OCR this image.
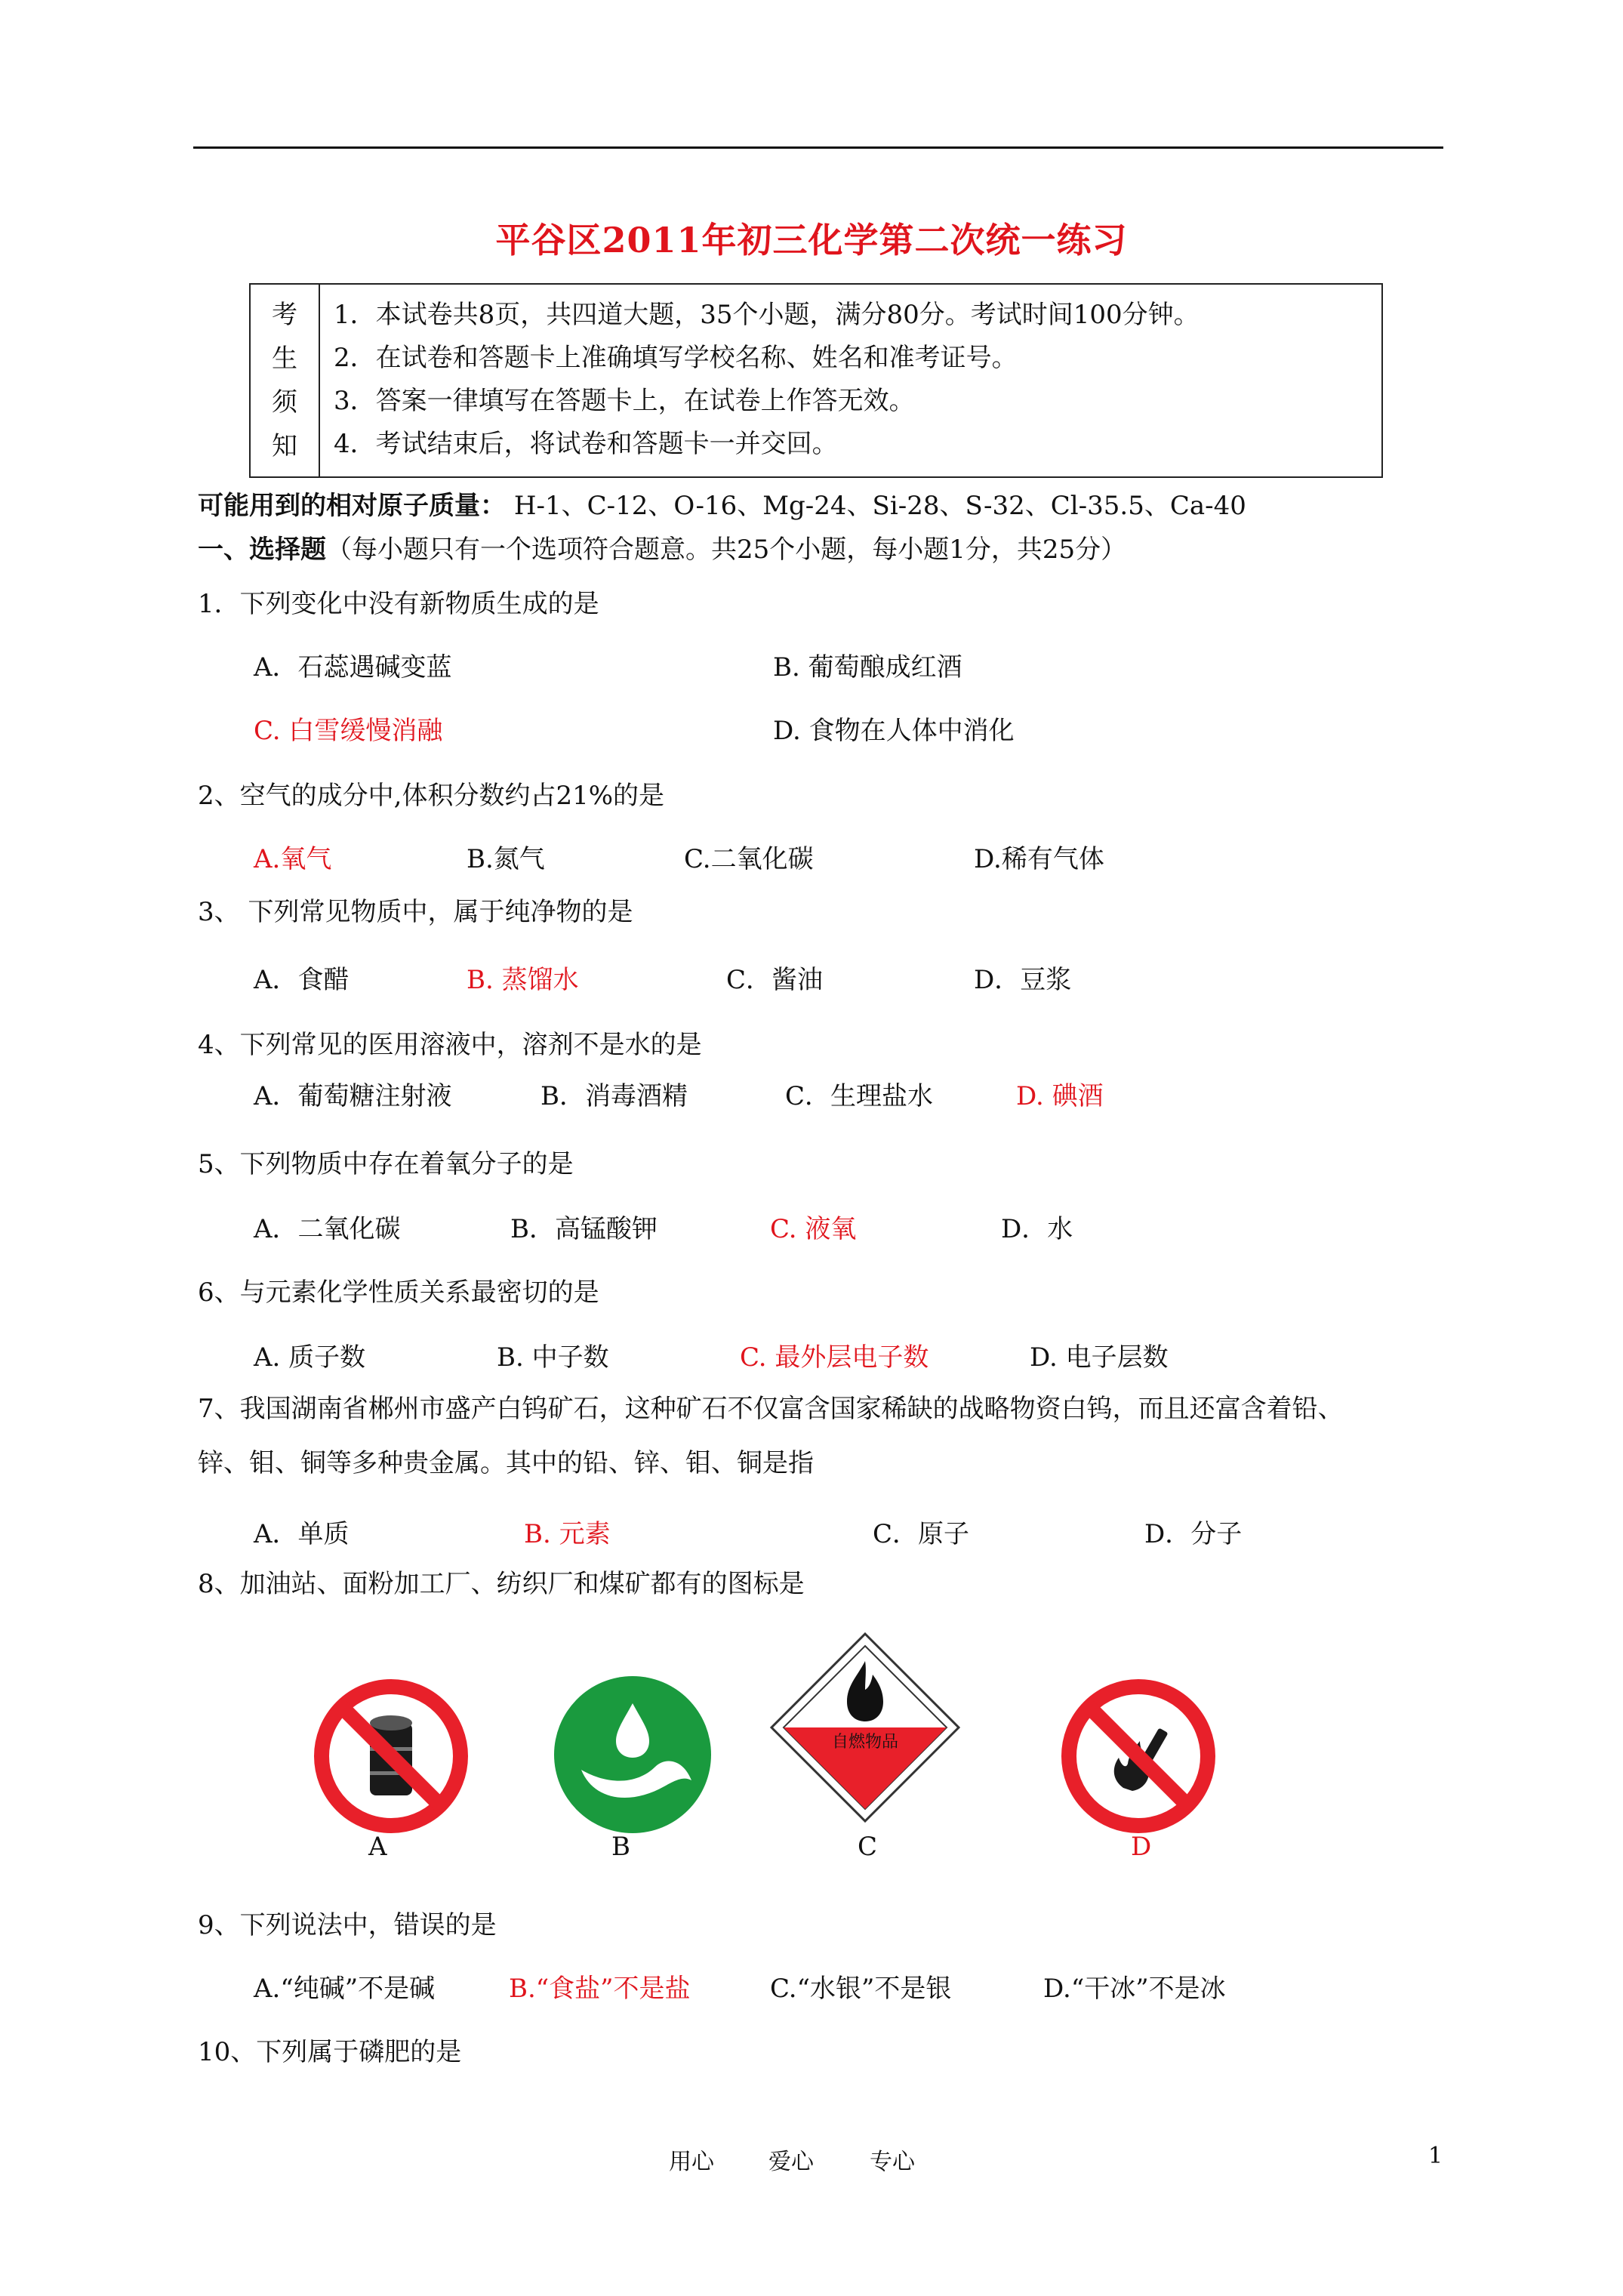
平谷区2011年初三化学第二次统一练习
考
生
须
知
1．本试卷共8页，共四道大题，35个小题，满分80分。考试时间100分钟。
2．在试卷和答题卡上准确填写学校名称、姓名和准考证号。
3．答案一律填写在答题卡上，在试卷上作答无效。
4．考试结束后，将试卷和答题卡一并交回。
可能用到的相对原子质量： H-1、C-12、O-16、Mg-24、Si-28、S-32、Cl-35.5、Ca-40
一、选择题（每小题只有一个选项符合题意。共25个小题，每小题1分，共25分）
1．下列变化中没有新物质生成的是
A．石蕊遇碱变蓝	B. 葡萄酿成红酒
C. 白雪缓慢消融	D. 食物在人体中消化
2、空气的成分中,体积分数约占21%的是
A.氧气	B.氮气	C.二氧化碳	D.稀有气体
3、 下列常见物质中，属于纯净物的是
A．食醋	B. 蒸馏水	C．酱油	D．豆浆
4、下列常见的医用溶液中，溶剂不是水的是
A．葡萄糖注射液	B．消毒酒精	C．生理盐水	D. 碘酒
5、下列物质中存在着氧分子的是
A．二氧化碳	B．高锰酸钾	C. 液氧	D．水
6、与元素化学性质关系最密切的是
A. 质子数	B. 中子数	C. 最外层电子数	D. 电子层数
7、我国湖南省郴州市盛产白钨矿石，这种矿石不仅富含国家稀缺的战略物资白钨，而且还富含着铅、
锌、钼、铜等多种贵金属。其中的铅、锌、钼、铜是指
A．单质	B. 元素	C．原子	D．分子
8、加油站、面粉加工厂、纺织厂和煤矿都有的图标是
自燃物品
A	B	C	D
9、下列说法中，错误的是
A.“纯碱”不是碱	B.“食盐”不是盐	C.“水银”不是银	D.“干冰”不是冰
10、下列属于磷肥的是
用心 爱心 专心	1
